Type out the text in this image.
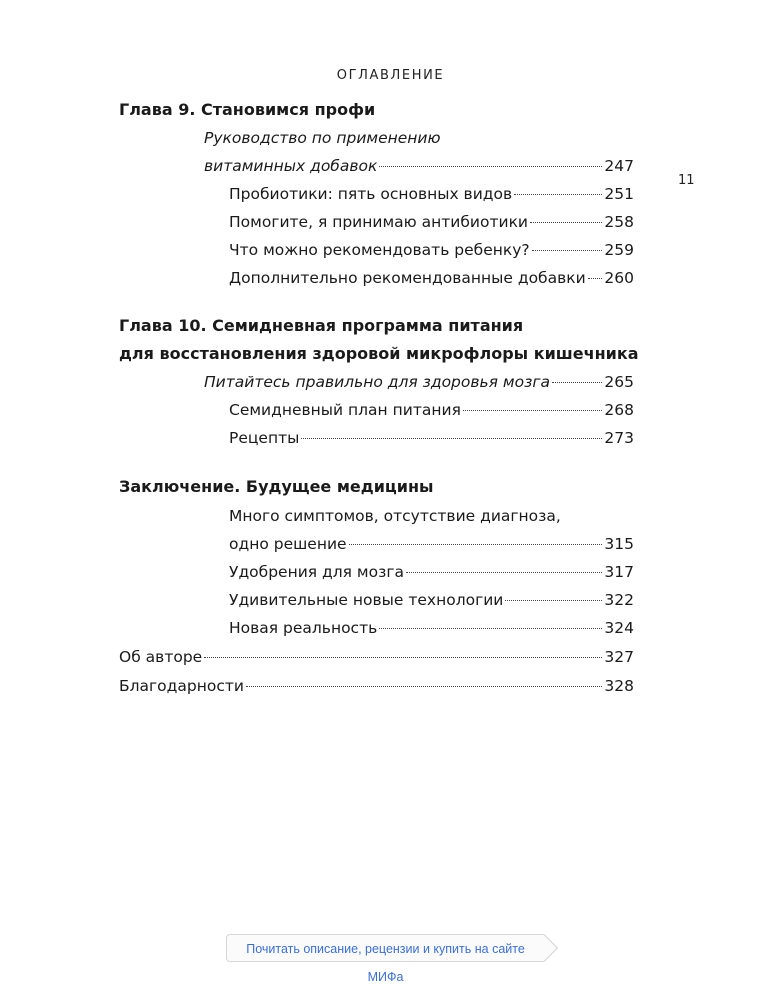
ОГЛАВЛЕНИЕ
11
Глава 9. Становимся профи
Руководство по применению
витаминных добавок	247
Пробиотики: пять основных видов	251
Помогите, я принимаю антибиотики	258
Что можно рекомендовать ребенку?	259
Дополнительно рекомендованные добавки 260
Глава 10. Семидневная программа питания
для восстановления здоровой микрофлоры кишечника
Питайтесь правильно для здоровья мозга	265
Семидневный план питания	268
Рецепты	273
Заключение. Будущее медицины
Много симптомов, отсутствие диагноза,
одно решение	315
Удобрения для мозга	317
Удивительные новые технологии	322
Новая реальность	324
Об авторе	327
Благодарности	328
Почитать описание, рецензии и купить на сайте МИФа
